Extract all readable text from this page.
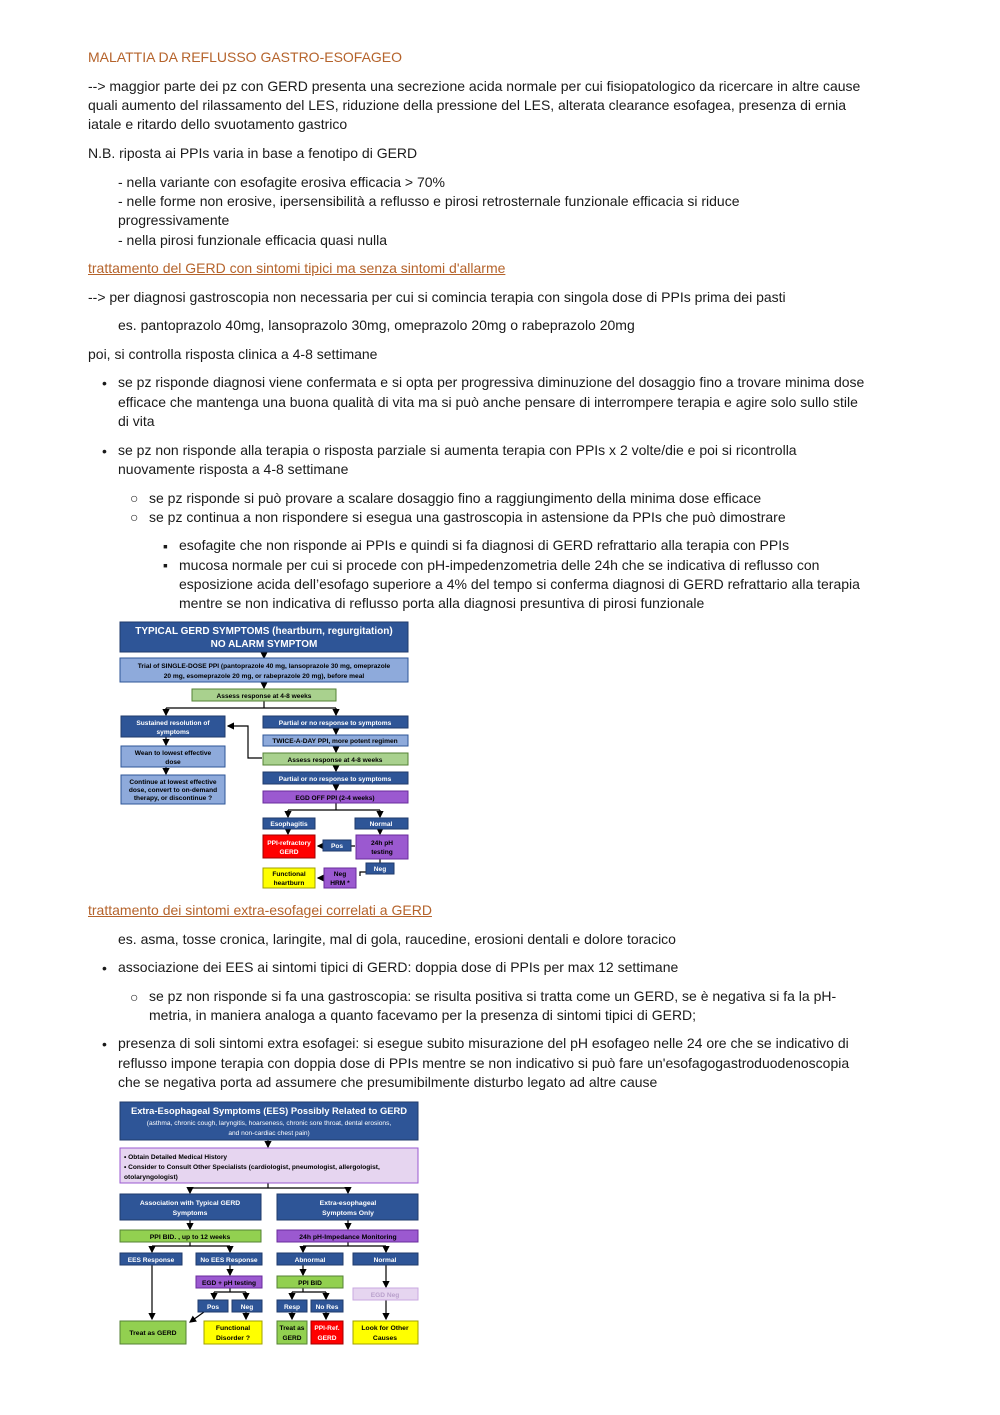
MALATTIA DA REFLUSSO GASTRO-ESOFAGEO
--> maggior parte dei pz con GERD presenta una secrezione acida normale per cui fisiopatologico da ricercare in altre cause
quali aumento del rilassamento del LES, riduzione della pressione del LES, alterata clearance esofagea, presenza di ernia
iatale e ritardo dello svuotamento gastrico
N.B. riposta ai PPIs varia in base a fenotipo di GERD
- nella variante con esofagite erosiva efficacia > 70%
- nelle forme non erosive, ipersensibilità a reflusso e pirosi retrosternale funzionale efficacia si riduce
progressivamente
- nella pirosi funzionale efficacia quasi nulla
trattamento del GERD con sintomi tipici ma senza sintomi d'allarme
--> per diagnosi gastroscopia non necessaria per cui si comincia terapia con singola dose di PPIs prima dei pasti
es. pantoprazolo 40mg, lansoprazolo 30mg, omeprazolo 20mg o rabeprazolo 20mg
poi, si controlla risposta clinica a 4-8 settimane
• se pz risponde diagnosi viene confermata e si opta per progressiva diminuzione del dosaggio fino a trovare minima dose
efficace che mantenga una buona qualità di vita ma si può anche pensare di interrompere terapia e agire solo sullo stile
di vita
• se pz non risponde alla terapia o risposta parziale si aumenta terapia con PPIs x 2 volte/die e poi si ricontrolla
nuovamente risposta a 4-8 settimane
○ se pz risponde si può provare a scalare dosaggio fino a raggiungimento della minima dose efficace
○ se pz continua a non rispondere si esegua una gastroscopia in astensione da PPIs che può dimostrare
▪ esofagite che non risponde ai PPIs e quindi si fa diagnosi di GERD refrattario alla terapia con PPIs
▪ mucosa normale per cui si procede con pH-impedenzometria delle 24h che se indicativa di reflusso con
esposizione acida dell’esofago superiore a 4% del tempo si conferma diagnosi di GERD refrattario alla terapia
mentre se non indicativa di reflusso porta alla diagnosi presuntiva di pirosi funzionale
TYPICAL GERD SYMPTOMS (heartburn, regurgitation)
NO ALARM SYMPTOM
Trial of SINGLE-DOSE PPI (pantoprazole 40 mg, lansoprazole 30 mg, omeprazole
20 mg, esomeprazole 20 mg, or rabeprazole 20 mg), before meal
Assess response at 4-8 weeks
Sustained resolution of
symptoms
Partial or no response to symptoms
Wean to lowest effective
dose
TWICE-A-DAY PPI, more potent regimen
Assess response at 4-8 weeks
Continue at lowest effective
dose, convert to on-demand
therapy, or discontinue ?
Partial or no response to symptoms
EGD OFF PPI (2-4 weeks)
Esophagitis	Normal
PPI-refractory
GERD
Pos	24h pH
testing
Neg
Functional
heartburn
Neg
HRM *
trattamento dei sintomi extra-esofagei correlati a GERD
es. asma, tosse cronica, laringite, mal di gola, raucedine, erosioni dentali e dolore toracico
• associazione dei EES ai sintomi tipici di GERD: doppia dose di PPIs per max 12 settimane
○ se pz non risponde si fa una gastroscopia: se risulta positiva si tratta come un GERD, se è negativa si fa la pH-
metria, in maniera analoga a quanto facevamo per la presenza di sintomi tipici di GERD;
• presenza di soli sintomi extra esofagei: si esegue subito misurazione del pH esofageo nelle 24 ore che se indicativo di
reflusso impone terapia con doppia dose di PPIs mentre se non indicativo si può fare un'esofagogastroduodenoscopia
che se negativa porta ad assumere che presumibilmente disturbo legato ad altre cause
Extra-Esophageal Symptoms (EES) Possibly Related to GERD
(asthma, chronic cough, laryngitis, hoarseness, chronic sore throat, dental erosions,
and non-cardiac chest pain)
• Obtain Detailed Medical History
• Consider to Consult Other Specialists (cardiologist, pneumologist, allergologist,
otolaryngologist)
Association with Typical GERD
Symptoms
Extra-esophageal
Symptoms Only
PPI BID. , up to 12 weeks	24h pH-Impedance Monitoring
EES Response	No EES Response	Abnormal	Normal
EGD + pH testing	PPI BID
EGD Neg
Pos	Neg	Resp No Res
Treat as GERD
Functional
Disorder ?
Treat as
GERD
PPI-Ref.
GERD
Look for Other
Causes
